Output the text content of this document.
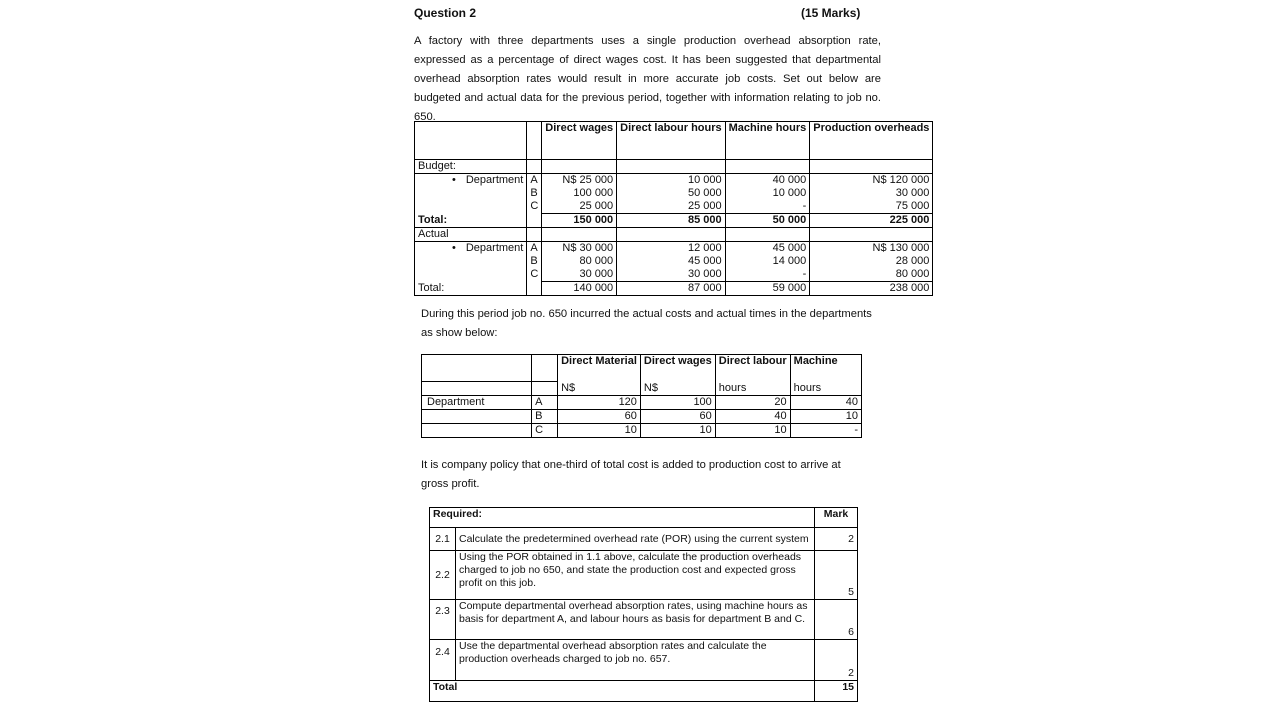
Question 2	(15 Marks)
A factory with three departments uses a single production overhead absorption rate, expressed as a percentage of direct wages cost. It has been suggested that departmental overhead absorption rates would result in more accurate job costs. Set out below are budgeted and actual data for the previous period, together with information relating to job no. 650.
		Direct wages	Direct labour hours	Machine hours	Production overheads
Budget:					
• Department	A	N$ 25 000	10 000	40 000	N$ 120 000
	B	100 000	50 000	10 000	30 000
	C	25 000	25 000	-	75 000
Total:		150 000	85 000	50 000	225 000
Actual					
• Department	A	N$ 30 000	12 000	45 000	N$ 130 000
	B	80 000	45 000	14 000	28 000
	C	30 000	30 000	-	80 000
Total:		140 000	87 000	59 000	238 000
During this period job no. 650 incurred the actual costs and actual times in the departments as show below:
		Direct Material	Direct wages	Direct labour	Machine
		N$	N$	hours	hours
Department	A	120	100	20	40
	B	60	60	40	10
	C	10	10	10	-
It is company policy that one-third of total cost is added to production cost to arrive at gross profit.
Required:		Mark
2.1	Calculate the predetermined overhead rate (POR) using the current system	2
2.2	Using the POR obtained in 1.1 above, calculate the production overheads charged to job no 650, and state the production cost and expected gross profit on this job.	5
2.3	Compute departmental overhead absorption rates, using machine hours as basis for department A, and labour hours as basis for department B and C.	6
2.4	Use the departmental overhead absorption rates and calculate the production overheads charged to job no. 657.	2
Total		15
